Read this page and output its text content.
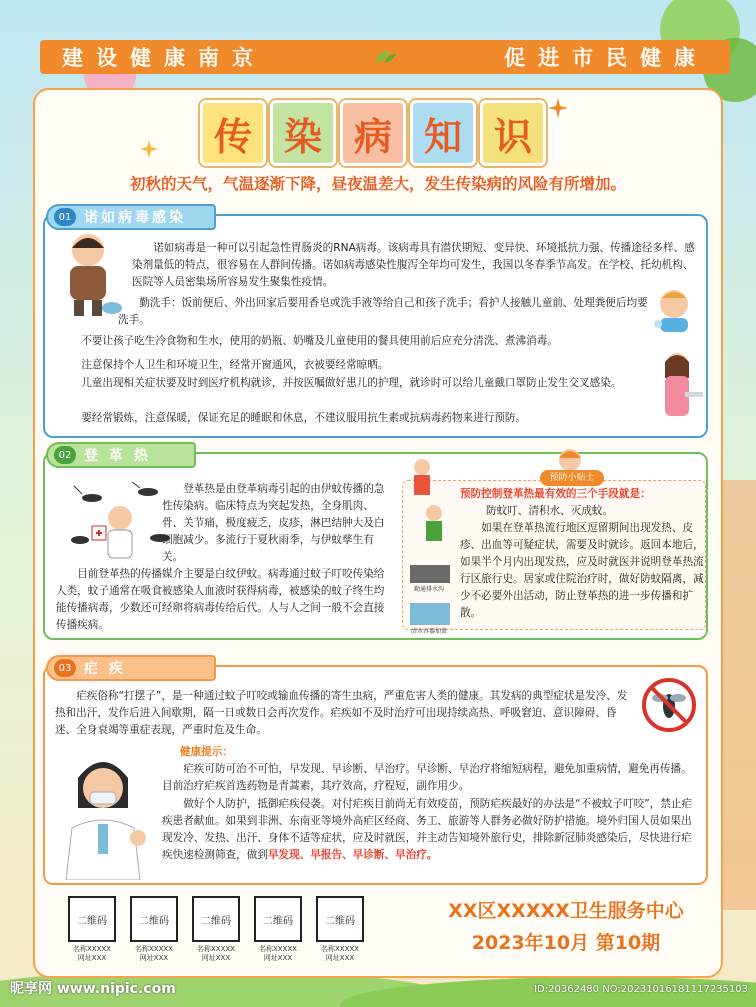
建设健康南京	促进市民健康
传 染 病 知 识
初秋的天气，气温逐渐下降，昼夜温差大，发生传染病的风险有所增加。
01 诺如病毒感染

诺如病毒是一种可以引起急性胃肠炎的RNA病毒。该病毒具有潜伏期短、变异快、环境抵抗力强、传播途径多样、感染剂量低的特点，很容易在人群间传播。诺如病毒感染性腹泻全年均可发生，我国以冬春季节高发。在学校、托幼机构、医院等人员密集场所容易发生聚集性疫情。

勤洗手：饭前便后、外出回家后要用香皂或洗手液等给自己和孩子洗手；看护人接触儿童前、处理粪便后均要洗手。

不要让孩子吃生冷食物和生水，使用的奶瓶、奶嘴及儿童使用的餐具使用前后应充分清洗、煮沸消毒。

注意保持个人卫生和环境卫生，经常开窗通风，衣被要经常晾晒。

儿童出现相关症状要及时到医疗机构就诊，并按医嘱做好患儿的护理，就诊时可以给儿童戴口罩防止发生交叉感染。

要经常锻炼，注意保暖，保证充足的睡眠和休息，不建议服用抗生素或抗病毒药物来进行预防。

02 登 革 热

登革热是由登革病毒引起的由伊蚊传播的急性传染病。临床特点为突起发热，全身肌肉、骨、关节痛，极度疲乏，皮疹，淋巴结肿大及白细胞减少。多流行于夏秋雨季，与伊蚊孳生有关。

目前登革热的传播媒介主要是白纹伊蚊。病毒通过蚊子叮咬传染给人类，蚊子通常在吸食被感染人血液时获得病毒，被感染的蚊子终生均能传播病毒，少数还可经卵将病毒传给后代。人与人之间一般不会直接传播疾病。

预防小贴士
勤通排水沟
清水容器加盖

预防控制登革热最有效的三个手段就是：

防蚊叮、清积水、灭成蚊。

如果在登革热流行地区逗留期间出现发热、皮疹、出血等可疑症状，需要及时就诊。返回本地后，如果半个月内出现发热，应及时就医并说明登革热流行区旅行史。居家或住院治疗时，做好防蚊隔离，减少不必要外出活动，防止登革热的进一步传播和扩散。

03 疟 疾

疟疾俗称“打摆子”，是一种通过蚊子叮咬或输血传播的寄生虫病，严重危害人类的健康。其发病的典型症状是发冷、发热和出汗，发作后进入间歇期，隔一日或数日会再次发作。疟疾如不及时治疗可出现持续高热、呼吸窘迫、意识障碍、昏迷、全身衰竭等重症表现，严重时危及生命。

健康提示：

疟疾可防可治不可怕，早发现、早诊断、早治疗。早诊断、早治疗将缩短病程，避免加重病情，避免再传播。目前治疗疟疾首选药物是青蒿素，其疗效高，疗程短，副作用少。

做好个人防护，抵御疟疾侵袭。对付疟疾目前尚无有效疫苗，预防疟疾最好的办法是“不被蚊子叮咬”，禁止疟疾患者献血。如果到非洲、东南亚等境外高疟区经商、务工、旅游等人群务必做好防护措施。境外归国人员如果出现发冷、发热、出汗、身体不适等症状，应及时就医，并主动告知境外旅行史，排除新冠肺炎感染后，尽快进行疟疾快速检测筛查，做到早发现、早报告、早诊断、早治疗。

二维码	二维码	二维码	二维码	二维码
名称XXXXX
网址XXX
名称XXXXX
网址XXX
名称XXXXX
网址XXX
名称XXXXX
网址XXX
名称XXXXX
网址XXX
XX区XXXXX卫生服务中心
2023年10月 第10期
昵享网 www.nipic.com	ID:20362480 NO:20231016181117235103
